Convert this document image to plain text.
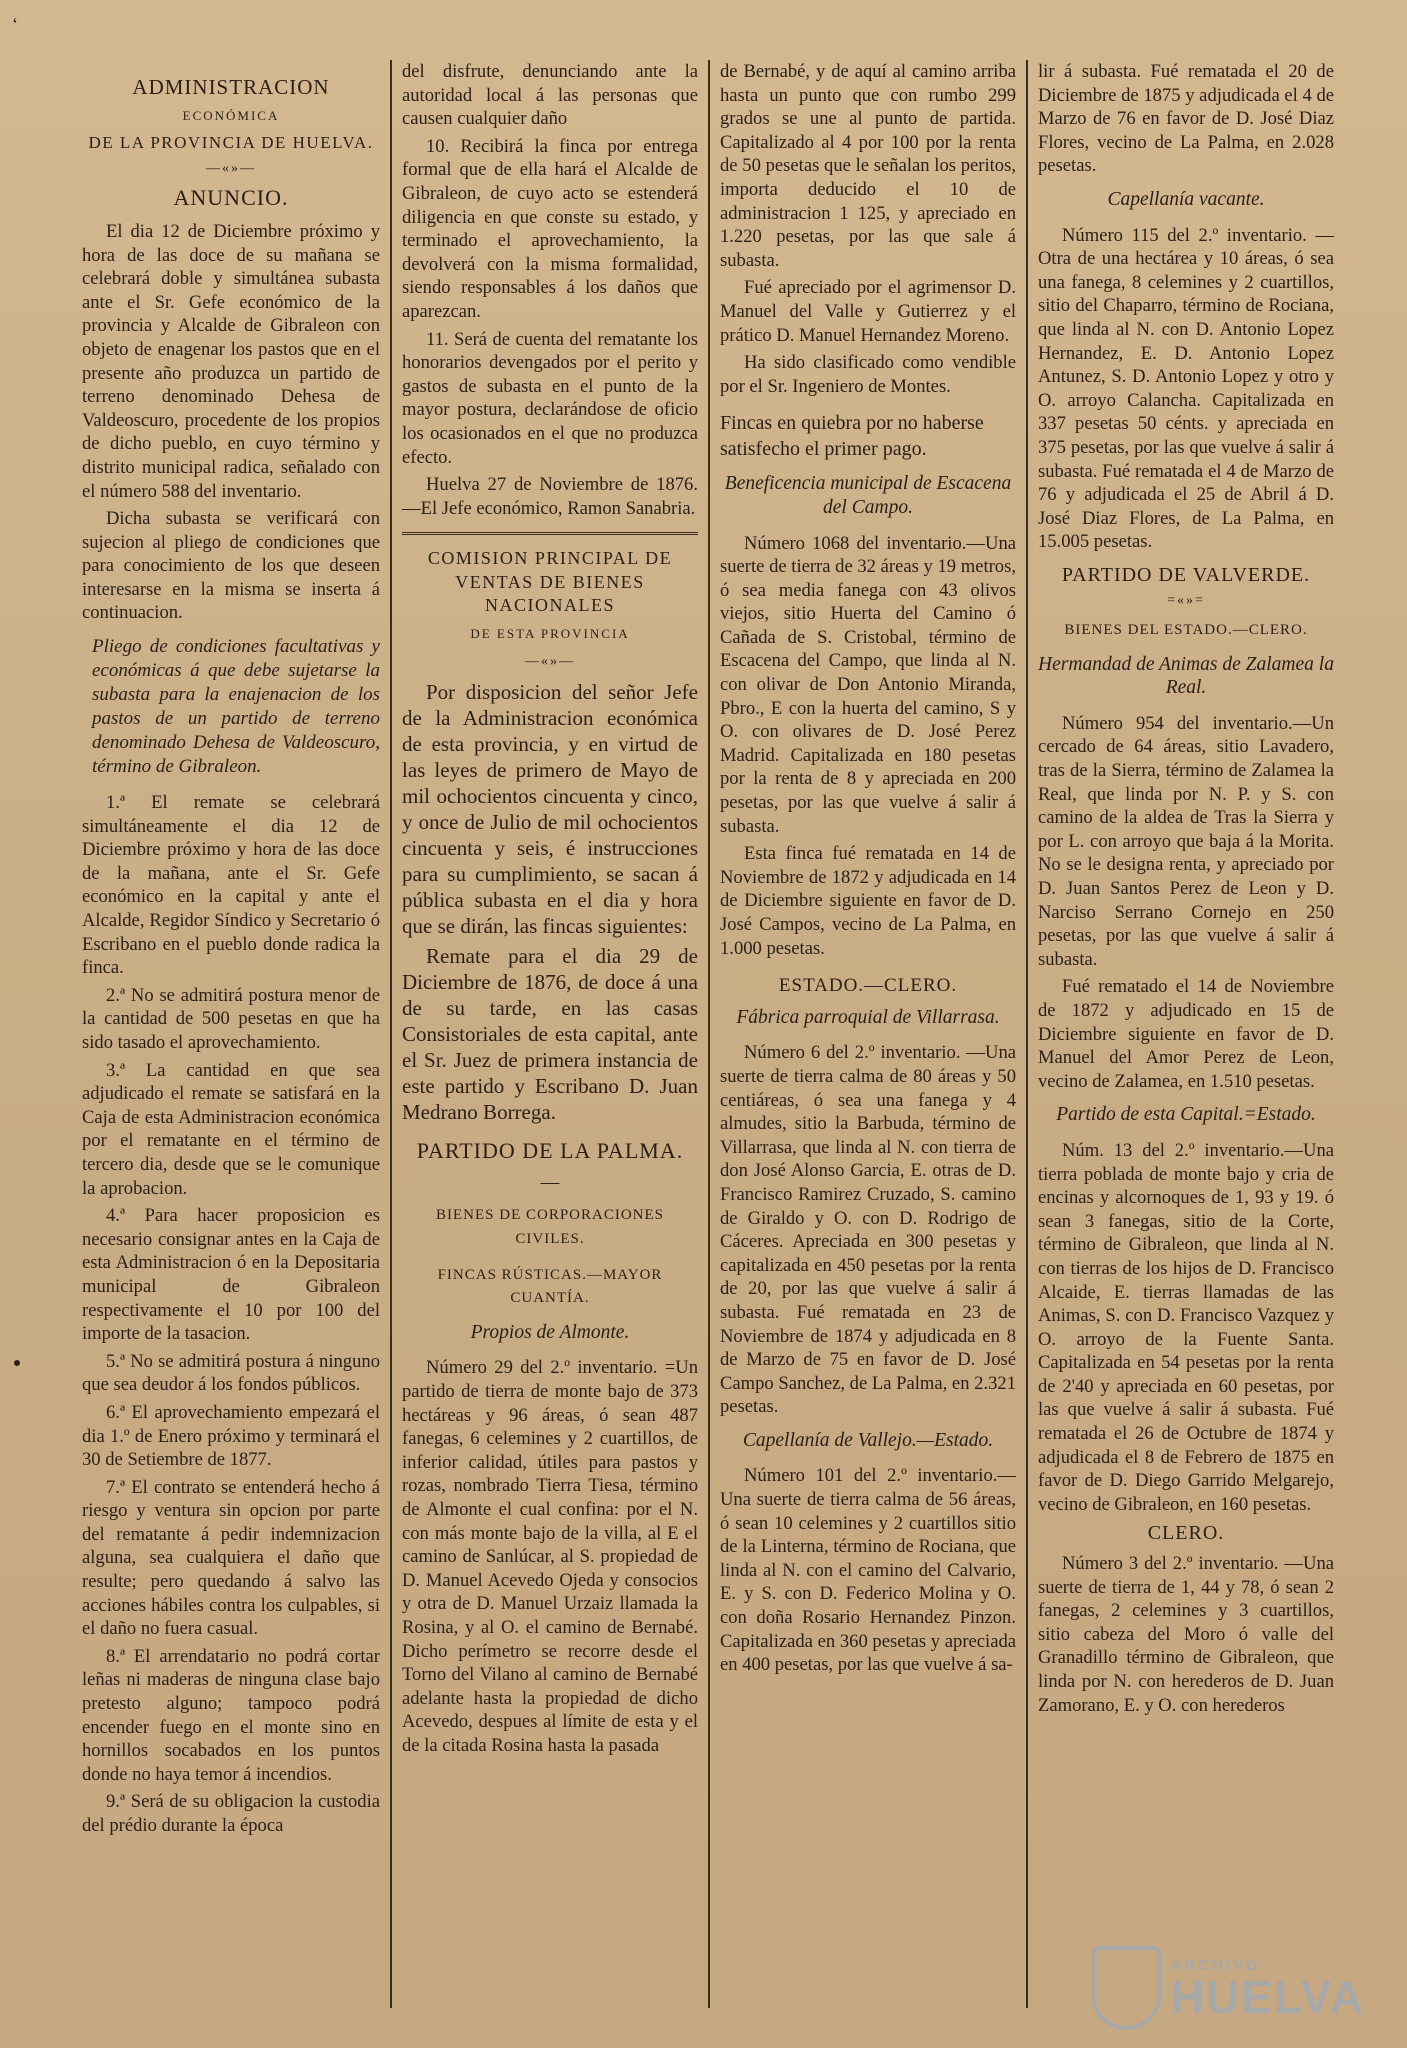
ʻ
ADMINISTRACION
ECONÓMICA
DE LA PROVINCIA DE HUELVA.
—«»—
ANUNCIO.

El dia 12 de Diciembre próximo y hora de las doce de su mañana se celebrará doble y simultánea subasta ante el Sr. Gefe económico de la provincia y Alcalde de Gibraleon con objeto de enagenar los pastos que en el presente año produzca un partido de terreno denominado Dehesa de Valdeoscuro, procedente de los propios de dicho pueblo, en cuyo término y distrito municipal radica, señalado con el número 588 del inventario.

Dicha subasta se verificará con sujecion al pliego de condiciones que para conocimiento de los que deseen interesarse en la misma se inserta á continuacion.

Pliego de condiciones facultativas y económicas á que debe sujetarse la subasta para la enajenacion de los pastos de un partido de terreno denominado Dehesa de Valdeoscuro, término de Gibraleon.

1.ª El remate se celebrará simultáneamente el dia 12 de Diciembre próximo y hora de las doce de la mañana, ante el Sr. Gefe económico en la capital y ante el Alcalde, Regidor Síndico y Secretario ó Escribano en el pueblo donde radica la finca.

2.ª No se admitirá postura menor de la cantidad de 500 pesetas en que ha sido tasado el aprovechamiento.

3.ª La cantidad en que sea adjudicado el remate se satisfará en la Caja de esta Administracion económica por el rematante en el término de tercero dia, desde que se le comunique la aprobacion.

4.ª Para hacer proposicion es necesario consignar antes en la Caja de esta Administracion ó en la Depositaria municipal de Gibraleon respectivamente el 10 por 100 del importe de la tasacion.

5.ª No se admitirá postura á ninguno que sea deudor á los fondos públicos.

6.ª El aprovechamiento empezará el dia 1.º de Enero próximo y terminará el 30 de Setiembre de 1877.

7.ª El contrato se entenderá hecho á riesgo y ventura sin opcion por parte del rematante á pedir indemnizacion alguna, sea cualquiera el daño que resulte; pero quedando á salvo las acciones hábiles contra los culpables, si el daño no fuera casual.

8.ª El arrendatario no podrá cortar leñas ni maderas de ninguna clase bajo pretesto alguno; tampoco podrá encender fuego en el monte sino en hornillos socabados en los puntos donde no haya temor á incendios.

9.ª Será de su obligacion la custodia del prédio durante la época

del disfrute, denunciando ante la autoridad local á las personas que causen cualquier daño

10. Recibirá la finca por entrega formal que de ella hará el Alcalde de Gibraleon, de cuyo acto se estenderá diligencia en que conste su estado, y terminado el aprovechamiento, la devolverá con la misma formalidad, siendo responsables á los daños que aparezcan.

11. Será de cuenta del rematante los honorarios devengados por el perito y gastos de subasta en el punto de la mayor postura, declarándose de oficio los ocasionados en el que no produzca efecto.

Huelva 27 de Noviembre de 1876. —El Jefe económico, Ramon Sanabria.

COMISION PRINCIPAL DE VENTAS DE BIENES NACIONALES
DE ESTA PROVINCIA
—«»—

Por disposicion del señor Jefe de la Administracion económica de esta provincia, y en virtud de las leyes de primero de Mayo de mil ochocientos cincuenta y cinco, y once de Julio de mil ochocientos cincuenta y seis, é instrucciones para su cumplimiento, se sacan á pública subasta en el dia y hora que se dirán, las fincas siguientes:

Remate para el dia 29 de Diciembre de 1876, de doce á una de su tarde, en las casas Consistoriales de esta capital, ante el Sr. Juez de primera instancia de este partido y Escribano D. Juan Medrano Borrega.

PARTIDO DE LA PALMA.
—
BIENES DE CORPORACIONES CIVILES.
FINCAS RÚSTICAS.—MAYOR CUANTÍA.
Propios de Almonte.

Número 29 del 2.º inventario. =Un partido de tierra de monte bajo de 373 hectáreas y 96 áreas, ó sean 487 fanegas, 6 celemines y 2 cuartillos, de inferior calidad, útiles para pastos y rozas, nombrado Tierra Tiesa, término de Almonte el cual confina: por el N. con más monte bajo de la villa, al E el camino de Sanlúcar, al S. propiedad de D. Manuel Acevedo Ojeda y consocios y otra de D. Manuel Urzaiz llamada la Rosina, y al O. el camino de Bernabé. Dicho perímetro se recorre desde el Torno del Vilano al camino de Bernabé adelante hasta la propiedad de dicho Acevedo, despues al límite de esta y el de la citada Rosina hasta la pasada

de Bernabé, y de aquí al camino arriba hasta un punto que con rumbo 299 grados se une al punto de partida. Capitalizado al 4 por 100 por la renta de 50 pesetas que le señalan los peritos, importa deducido el 10 de administracion 1 125, y apreciado en 1.220 pesetas, por las que sale á subasta.

Fué apreciado por el agrimensor D. Manuel del Valle y Gutierrez y el prático D. Manuel Hernandez Moreno.

Ha sido clasificado como vendible por el Sr. Ingeniero de Montes.

Fincas en quiebra por no haberse satisfecho el primer pago.
Beneficencia municipal de Escacena del Campo.

Número 1068 del inventario.—Una suerte de tierra de 32 áreas y 19 metros, ó sea media fanega con 43 olivos viejos, sitio Huerta del Camino ó Cañada de S. Cristobal, término de Escacena del Campo, que linda al N. con olivar de Don Antonio Miranda, Pbro., E con la huerta del camino, S y O. con olivares de D. José Perez Madrid. Capitalizada en 180 pesetas por la renta de 8 y apreciada en 200 pesetas, por las que vuelve á salir á subasta.

Esta finca fué rematada en 14 de Noviembre de 1872 y adjudicada en 14 de Diciembre siguiente en favor de D. José Campos, vecino de La Palma, en 1.000 pesetas.

ESTADO.—CLERO.
Fábrica parroquial de Villarrasa.

Número 6 del 2.º inventario. —Una suerte de tierra calma de 80 áreas y 50 centiáreas, ó sea una fanega y 4 almudes, sitio la Barbuda, término de Villarrasa, que linda al N. con tierra de don José Alonso Garcia, E. otras de D. Francisco Ramirez Cruzado, S. camino de Giraldo y O. con D. Rodrigo de Cáceres. Apreciada en 300 pesetas y capitalizada en 450 pesetas por la renta de 20, por las que vuelve á salir á subasta. Fué rematada en 23 de Noviembre de 1874 y adjudicada en 8 de Marzo de 75 en favor de D. José Campo Sanchez, de La Palma, en 2.321 pesetas.

Capellanía de Vallejo.—Estado.

Número 101 del 2.º inventario.—Una suerte de tierra calma de 56 áreas, ó sean 10 celemines y 2 cuartillos sitio de la Linterna, término de Rociana, que linda al N. con el camino del Calvario, E. y S. con D. Federico Molina y O. con doña Rosario Hernandez Pinzon. Capitalizada en 360 pesetas y apreciada en 400 pesetas, por las que vuelve á sa-

lir á subasta. Fué rematada el 20 de Diciembre de 1875 y adjudicada el 4 de Marzo de 76 en favor de D. José Diaz Flores, vecino de La Palma, en 2.028 pesetas.

Capellanía vacante.

Número 115 del 2.º inventario. —Otra de una hectárea y 10 áreas, ó sea una fanega, 8 celemines y 2 cuartillos, sitio del Chaparro, término de Rociana, que linda al N. con D. Antonio Lopez Hernandez, E. D. Antonio Lopez Antunez, S. D. Antonio Lopez y otro y O. arroyo Calancha. Capitalizada en 337 pesetas 50 cénts. y apreciada en 375 pesetas, por las que vuelve á salir á subasta. Fué rematada el 4 de Marzo de 76 y adjudicada el 25 de Abril á D. José Diaz Flores, de La Palma, en 15.005 pesetas.

PARTIDO DE VALVERDE.
=«»=
BIENES DEL ESTADO.—CLERO.
Hermandad de Animas de Zalamea la Real.

Número 954 del inventario.—Un cercado de 64 áreas, sitio Lavadero, tras de la Sierra, término de Zalamea la Real, que linda por N. P. y S. con camino de la aldea de Tras la Sierra y por L. con arroyo que baja á la Morita. No se le designa renta, y apreciado por D. Juan Santos Perez de Leon y D. Narciso Serrano Cornejo en 250 pesetas, por las que vuelve á salir á subasta.

Fué rematado el 14 de Noviembre de 1872 y adjudicado en 15 de Diciembre siguiente en favor de D. Manuel del Amor Perez de Leon, vecino de Zalamea, en 1.510 pesetas.

Partido de esta Capital.=Estado.

Núm. 13 del 2.º inventario.—Una tierra poblada de monte bajo y cria de encinas y alcornoques de 1, 93 y 19. ó sean 3 fanegas, sitio de la Corte, término de Gibraleon, que linda al N. con tierras de los hijos de D. Francisco Alcaide, E. tierras llamadas de las Animas, S. con D. Francisco Vazquez y O. arroyo de la Fuente Santa. Capitalizada en 54 pesetas por la renta de 2'40 y apreciada en 60 pesetas, por las que vuelve á salir á subasta. Fué rematada el 26 de Octubre de 1874 y adjudicada el 8 de Febrero de 1875 en favor de D. Diego Garrido Melgarejo, vecino de Gibraleon, en 160 pesetas.

CLERO.

Número 3 del 2.º inventario. —Una suerte de tierra de 1, 44 y 78, ó sean 2 fanegas, 2 celemines y 3 cuartillos, sitio cabeza del Moro ó valle del Granadillo término de Gibraleon, que linda por N. con herederos de D. Juan Zamorano, E. y O. con herederos

ARCHIVO
HUELVA
